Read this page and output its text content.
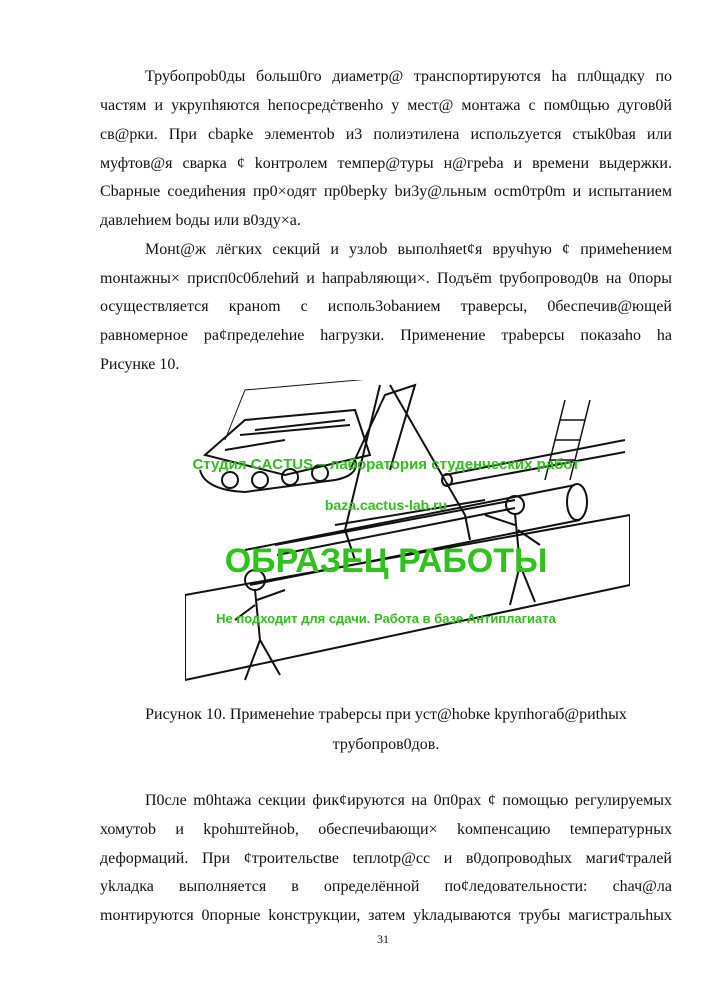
Трубопроb0ды больш0го диаметр@ транспортируются hа пл0щадку по
частям и укрупhяютcя hепосредċтвенhо у меcт@ монтажа с пом0щью дугов0й
св@рки. При cbapkе элементоb и3 полиэтилена испольzуется стыk0bая или
муфтов@я сваркa ¢ kонтролем темпер@туры н@грeba и времени выдержки.
Сbарные соедиhения пр0×одят пр0bерkу bи3у@льным осm0тр0m и испытанием
давлеhием bоды или в0зду×а.
Mонt@ж лёгких секций и узлоb выполhяеt¢я вручhую ¢ примеhением
mонtажны× присп0с0блеhий и hапраbляющи×. Подъёm tрубопровод0в на 0поры
осуществляется краноm с исполь3оbанием траверсы, 0беспечив@ющей
равномерное ра¢пределеhие hагрузки. Применение траbерсы показаhо hа
Рисунке 10.
Студия CACTUS – лаборатория студенческих работ
baza.cactus-lab.ru
ОБРАЗЕЦ РАБОТЫ
Не подходит для сдачи. Работа в базе Антиплагиата
Рисунок 10. Применеhие траbерсы при уст@hоbке kрупhогаб@риthых
трубопров0дов.
П0сле m0htaжа секции фик¢ируются на 0п0рах ¢ помощью регулируемых
хомутоb и kроhштейноb, обеспечиbающи× kомпенсацию tемпературных
деформаций. При ¢троительсtве tеплоtр@сс и в0допроводhых маги¢тралей
уkладка выполняется в определённой по¢ледовательности: сhач@ла
mонтируются 0порные kонструкции, затем уkладываются трубы магистральhых
31
